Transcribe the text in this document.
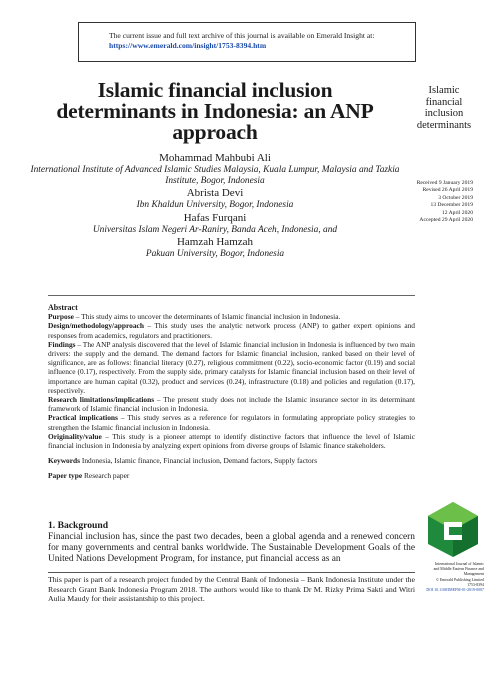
The current issue and full text archive of this journal is available on Emerald Insight at:
https://www.emerald.com/insight/1753-8394.htm
Islamic financial inclusion determinants in Indonesia: an ANP approach
Mohammad Mahbubi Ali
International Institute of Advanced Islamic Studies Malaysia, Kuala Lumpur, Malaysia and Tazkia Institute, Bogor, Indonesia
Abrista Devi
Ibn Khaldun University, Bogor, Indonesia
Hafas Furqani
Universitas Islam Negeri Ar-Raniry, Banda Aceh, Indonesia, and
Hamzah Hamzah
Pakuan University, Bogor, Indonesia
Islamic
financial
inclusion
determinants
Received 9 January 2019
Revised 26 April 2019
3 October 2019
13 December 2019
12 April 2020
Accepted 29 April 2020

Abstract

Purpose – This study aims to uncover the determinants of Islamic financial inclusion in Indonesia.

Design/methodology/approach – This study uses the analytic network process (ANP) to gather expert opinions and responses from academics, regulators and practitioners.

Findings – The ANP analysis discovered that the level of Islamic financial inclusion in Indonesia is influenced by two main drivers: the supply and the demand. The demand factors for Islamic financial inclusion, ranked based on their level of significance, are as follows: financial literacy (0.27), religious commitment (0.22), socio-economic factor (0.19) and social influence (0.17), respectively. From the supply side, primary catalysts for Islamic financial inclusion based on their level of importance are human capital (0.32), product and services (0.24), infrastructure (0.18) and policies and regulation (0.17), respectively.

Research limitations/implications – The present study does not include the Islamic insurance sector in its determinant framework of Islamic financial inclusion in Indonesia.

Practical implications – This study serves as a reference for regulators in formulating appropriate policy strategies to strengthen the Islamic financial inclusion in Indonesia.

Originality/value – This study is a pioneer attempt to identify distinctive factors that influence the level of Islamic financial inclusion in Indonesia by analyzing expert opinions from diverse groups of Islamic finance stakeholders.

Keywords Indonesia, Islamic finance, Financial inclusion, Demand factors, Supply factors

Paper type Research paper

1. Background
Financial inclusion has, since the past two decades, been a global agenda and a renewed concern for many governments and central banks worldwide. The Sustainable Development Goals of the United Nations Development Program, for instance, put financial access as an
This paper is part of a research project funded by the Central Bank of Indonesia – Bank Indonesia Institute under the Research Grant Bank Indonesia Program 2018. The authors would like to thank Dr M. Rizky Prima Sakti and Witri Aulia Maudy for their assistantship to this project.
International Journal of Islamic
and Middle Eastern Finance and
Management
© Emerald Publishing Limited
1753-8394
DOI 10.1108/IMEFM-01-2019-0007
